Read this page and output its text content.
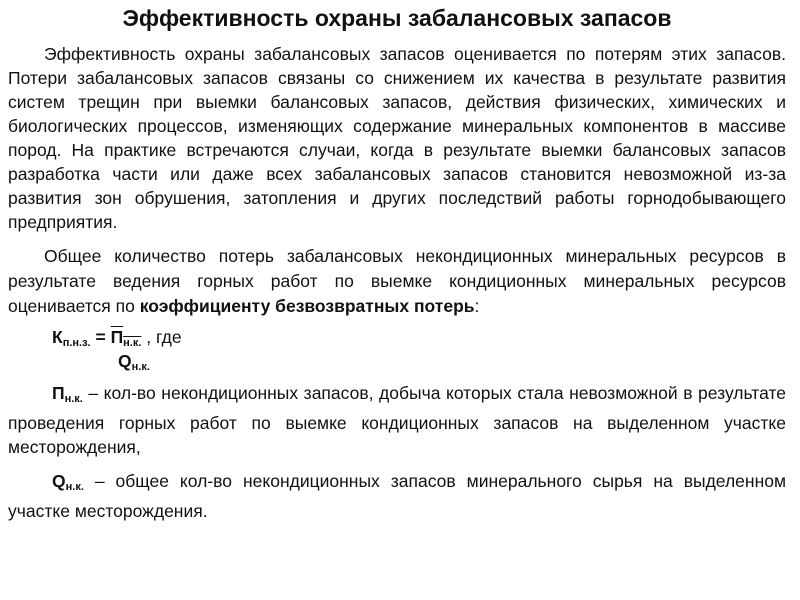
Эффективность охраны забалансовых запасов

Эффективность охраны забалансовых запасов оценивается по потерям этих запасов. Потери забалансовых запасов связаны со снижением их качества в результате развития систем трещин при выемки балансовых запасов, действия физических, химических и биологических процессов, изменяющих содержание минеральных компонентов в массиве пород. На практике встречаются случаи, когда в результате выемки балансовых запасов разработка части или даже всех забалансовых запасов становится невозможной из-за развития зон обрушения, затопления и других последствий работы горнодобывающего предприятия.

Общее количество потерь забалансовых некондиционных минеральных ресурсов в результате ведения горных работ по выемке кондиционных минеральных ресурсов оценивается по коэффициенту безвозвратных потерь:

$К_{п.н.з.} = П_{н.к.}$ , где
$Q_{н.к.}$

$П_{н.к.} - кол-во$ некондиционных запасов, добыча которых стала невозможной в результате проведения горных работ по выемке кондиционных запасов на выделенном участке месторождения,

$Q_{н.к.}$ – общее кол-во некондиционных запасов минерального сырья на выделенном участке месторождения.
